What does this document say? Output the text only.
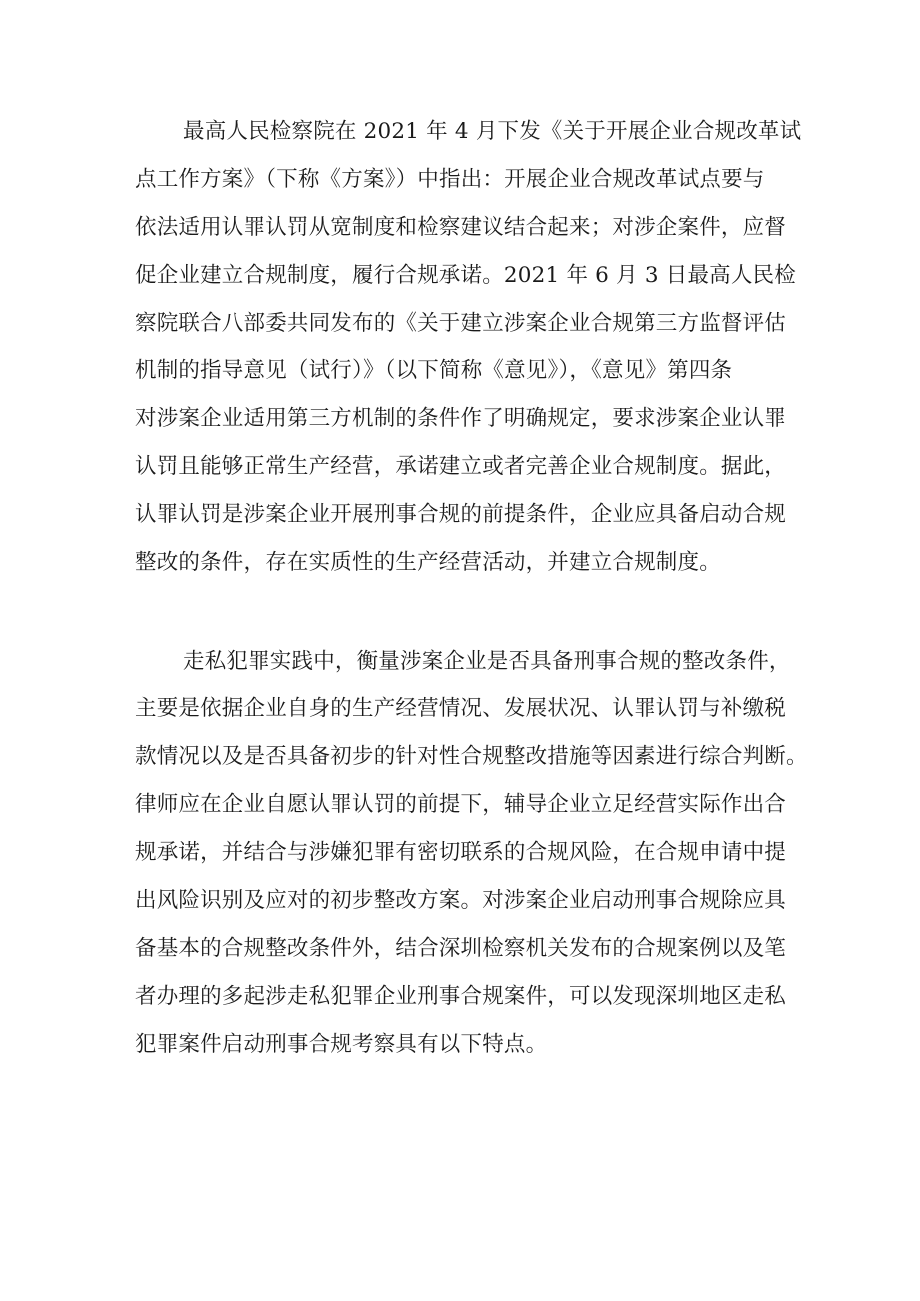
最高人民检察院在 2021 年 4 月下发《关于开展企业合规改革试
点工作方案》（下称《方案》）中指出：开展企业合规改革试点要与
依法适用认罪认罚从宽制度和检察建议结合起来；对涉企案件，应督
促企业建立合规制度，履行合规承诺。2021 年 6 月 3 日最高人民检
察院联合八部委共同发布的《关于建立涉案企业合规第三方监督评估
机制的指导意见（试行）》（以下简称《意见》），《意见》第四条
对涉案企业适用第三方机制的条件作了明确规定，要求涉案企业认罪
认罚且能够正常生产经营，承诺建立或者完善企业合规制度。据此，
认罪认罚是涉案企业开展刑事合规的前提条件，企业应具备启动合规
整改的条件，存在实质性的生产经营活动，并建立合规制度。
走私犯罪实践中，衡量涉案企业是否具备刑事合规的整改条件，
主要是依据企业自身的生产经营情况、发展状况、认罪认罚与补缴税
款情况以及是否具备初步的针对性合规整改措施等因素进行综合判断。
律师应在企业自愿认罪认罚的前提下，辅导企业立足经营实际作出合
规承诺，并结合与涉嫌犯罪有密切联系的合规风险，在合规申请中提
出风险识别及应对的初步整改方案。对涉案企业启动刑事合规除应具
备基本的合规整改条件外，结合深圳检察机关发布的合规案例以及笔
者办理的多起涉走私犯罪企业刑事合规案件，可以发现深圳地区走私
犯罪案件启动刑事合规考察具有以下特点。
